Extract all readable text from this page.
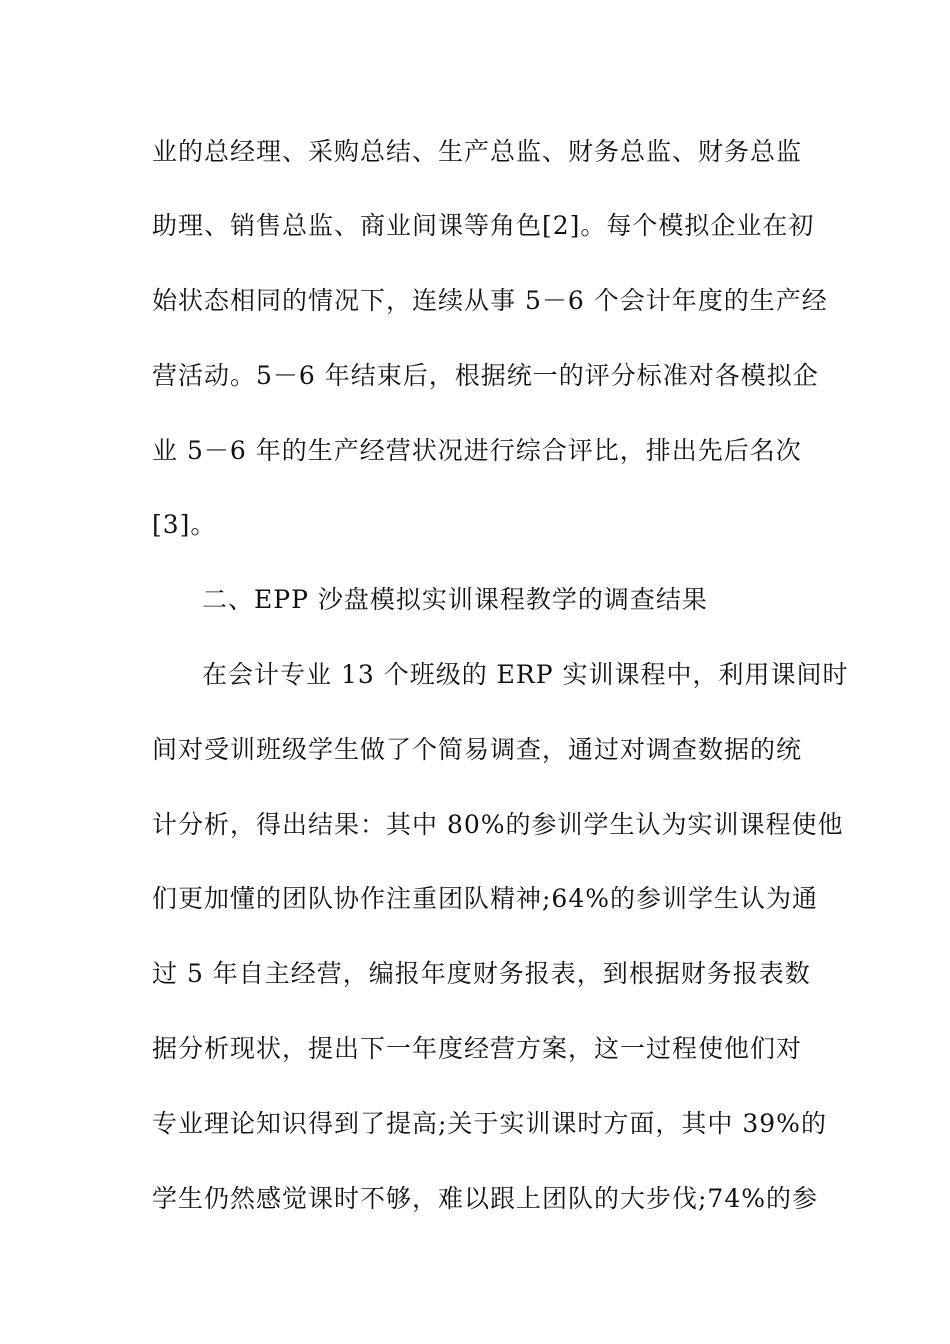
业的总经理、采购总结、生产总监、财务总监、财务总监
助理、销售总监、商业间课等角色[2]。每个模拟企业在初
始状态相同的情况下，连续从事 5－6 个会计年度的生产经
营活动。5－6 年结束后，根据统一的评分标准对各模拟企
业 5－6 年的生产经营状况进行综合评比，排出先后名次
[3]。
二、EPP 沙盘模拟实训课程教学的调查结果
在会计专业 13 个班级的 ERP 实训课程中，利用课间时
间对受训班级学生做了个简易调查，通过对调查数据的统
计分析，得出结果：其中 80%的参训学生认为实训课程使他
们更加懂的团队协作注重团队精神;64%的参训学生认为通
过 5 年自主经营，编报年度财务报表，到根据财务报表数
据分析现状，提出下一年度经营方案，这一过程使他们对
专业理论知识得到了提高;关于实训课时方面，其中 39%的
学生仍然感觉课时不够，难以跟上团队的大步伐;74%的参
